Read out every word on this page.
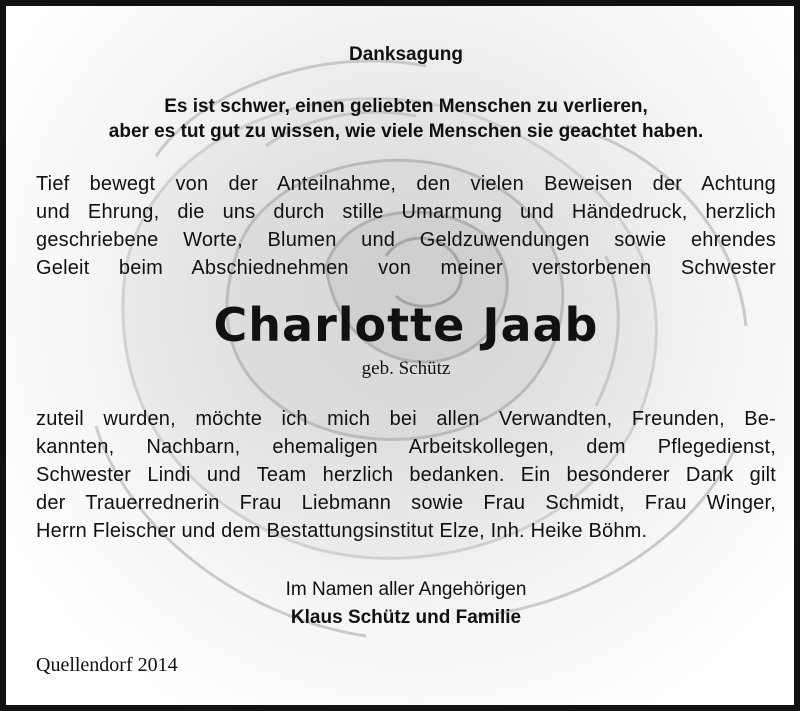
Danksagung
Es ist schwer, einen geliebten Menschen zu verlieren,
aber es tut gut zu wissen, wie viele Menschen sie geachtet haben.
Tief bewegt von der Anteilnahme, den vielen Beweisen der Achtung
und Ehrung, die uns durch stille Umarmung und Händedruck, herzlich
geschriebene Worte, Blumen und Geldzuwendungen sowie ehrendes
Geleit beim Abschiednehmen von meiner verstorbenen Schwester
Charlotte Jaab
geb. Schütz
zuteil wurden, möchte ich mich bei allen Verwandten, Freunden, Be-
kannten, Nachbarn, ehemaligen Arbeitskollegen, dem Pflegedienst,
Schwester Lindi und Team herzlich bedanken. Ein besonderer Dank gilt
der Trauerrednerin Frau Liebmann sowie Frau Schmidt, Frau Winger,
Herrn Fleischer und dem Bestattungsinstitut Elze, Inh. Heike Böhm.
Im Namen aller Angehörigen
Klaus Schütz und Familie
Quellendorf 2014
